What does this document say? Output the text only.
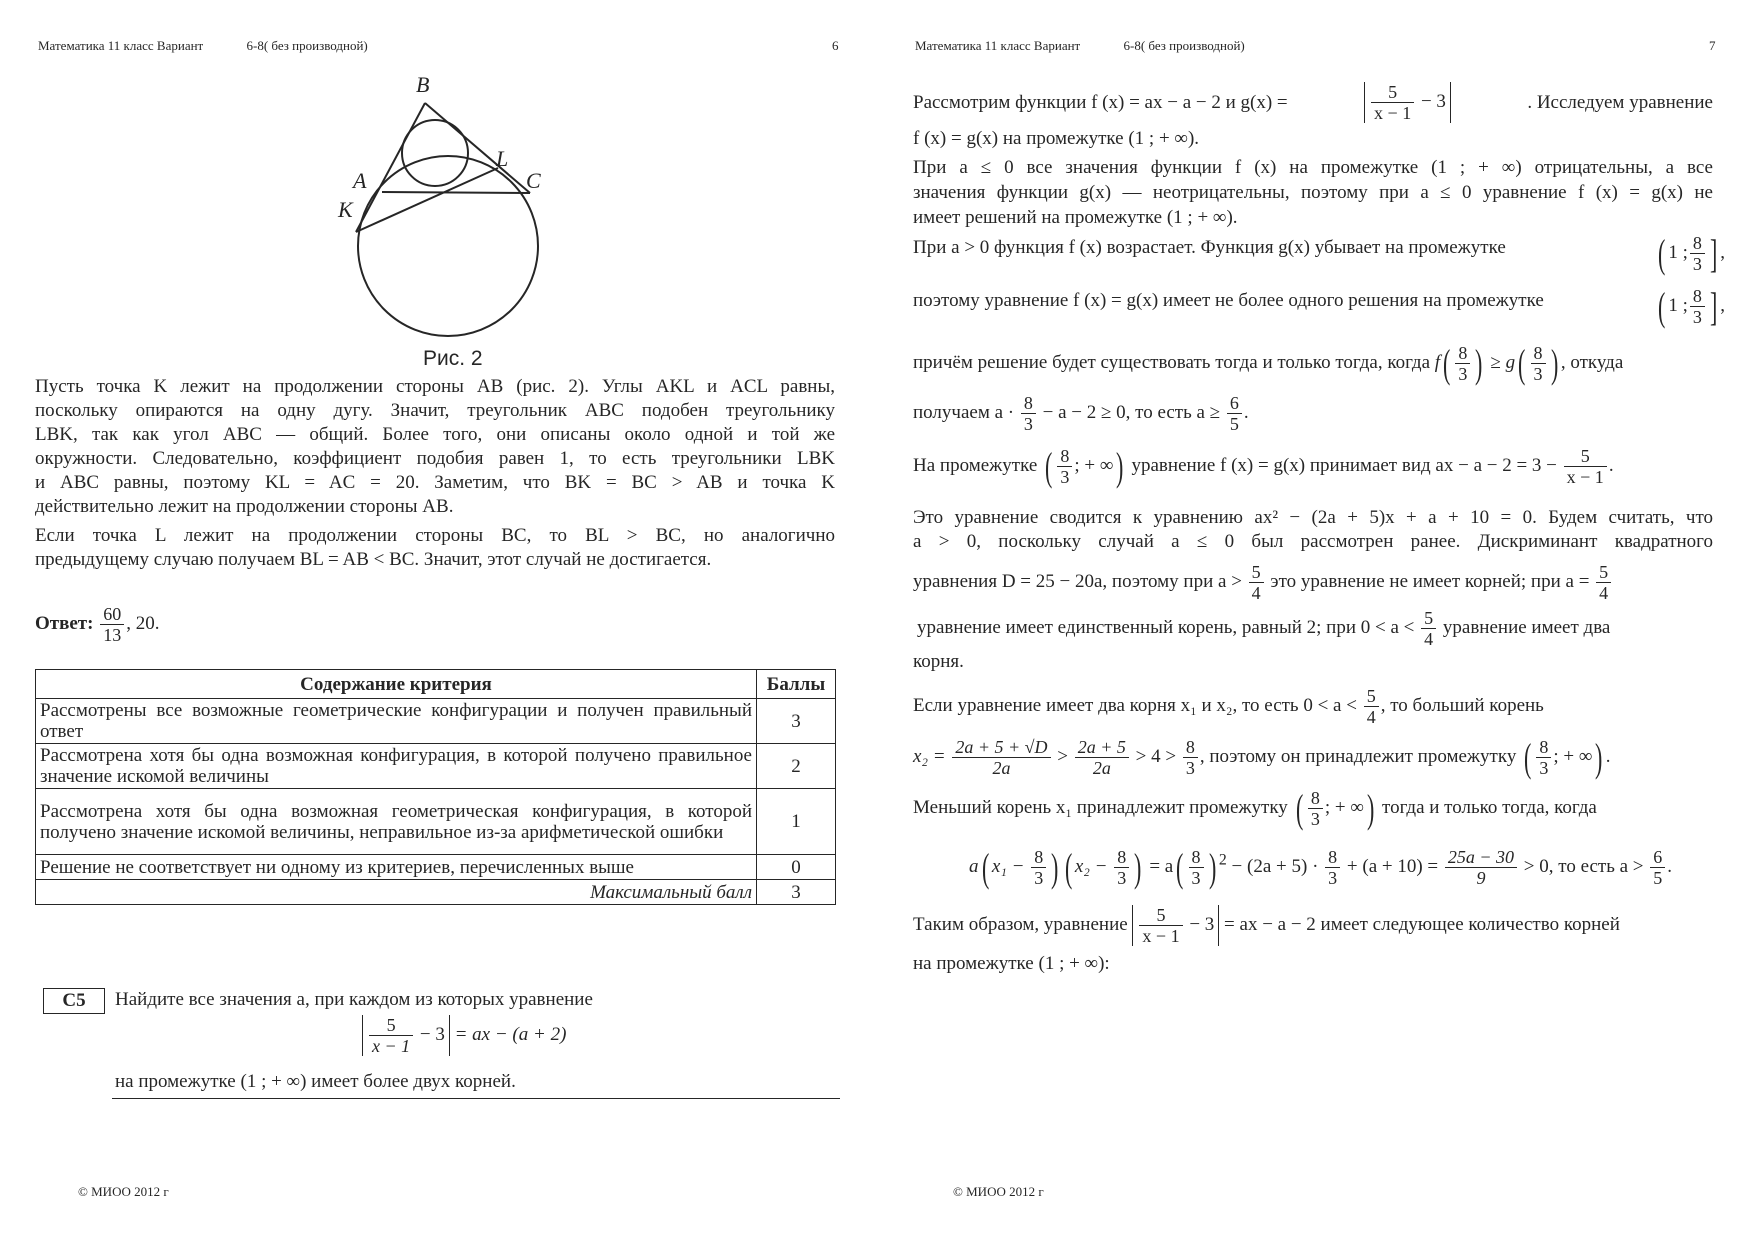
Математика 11 класс Вариант	6-8( без производной)	6
B
A
L
C
K
Рис. 2
Пусть точка K лежит на продолжении стороны AB (рис. 2). Углы AKL и ACL равны,
поскольку опираются на одну дугу. Значит, треугольник ABC подобен треугольнику
LBK, так как угол ABC — общий. Более того, они описаны около одной и той же
окружности. Следовательно, коэффициент подобия равен 1, то есть треугольники LBK
и ABC равны, поэтому KL = AC = 20. Заметим, что BK = BC > AB и точка K
действительно лежит на продолжении стороны AB.
Если точка L лежит на продолжении стороны BC, то BL > BC, но аналогично
предыдущему случаю получаем BL = AB < BC. Значит, этот случай не достигается.
Ответ: $\frac{60}{13}$ , 20.
Содержание критерия	Баллы
Рассмотрены все возможные геометрические конфигурации и получен правильный ответ	3
Рассмотрена хотя бы одна возможная конфигурация, в которой получено правильное значение искомой величины	2
Рассмотрена хотя бы одна возможная геометрическая конфигурация, в которой получено значение искомой величины, неправильное из-за арифметической ошибки	1
Решение не соответствует ни одному из критериев, перечисленных выше	0
Максимальный балл	3
C5	Найдите все значения a, при каждом из которых уравнение
$\frac{5}{x - 1} - 3$ = ax − (a + 2)
на промежутке (1 ; + ∞) имеет более двух корней.
© МИОО 2012 г
Математика 11 класс Вариант	6-8( без производной)	7
Рассмотрим функции f (x) = ax − a − 2 и g(x) =	$\frac{5}{x - 1} - 3$	. Исследуем уравнение
f (x) = g(x) на промежутке (1 ; + ∞).
При a ≤ 0 все значения функции f (x) на промежутке (1 ; + ∞) отрицательны, а все
значения функции g(x) — неотрицательны, поэтому при a ≤ 0 уравнение f (x) = g(x) не
имеет решений на промежутке (1 ; + ∞).
При a > 0 функция f (x) возрастает. Функция g(x) убывает на промежутке	( 1 ; $\frac{8}{3}$ ] ,
поэтому уравнение f (x) = g(x) имеет не более одного решения на промежутке	( 1 ; $\frac{8}{3}$ ] ,
причём решение будет существовать тогда и только тогда, когда $f( \frac{8}{3}$ ) ≥ $g( \frac{8}{3}$ ) , откуда
получаем $a \cdot \frac{8}{3} - a - 2 \ge 0$, то есть $a \ge \frac{6}{5}$ .
На промежутке ( $\frac{8}{3}$ ; + ∞) уравнение f (x) = g(x) принимает вид ax − $a - 2 = 3 - \frac{5}{x - 1}$ .
Это уравнение сводится к уравнению ax² − (2a + 5)x + a + 10 = 0. Будем считать, что
a > 0, поскольку случай a ≤ 0 был рассмотрен ранее. Дискриминант квадратного
уравнения D = 25 − 20a, поэтому при $a > \frac{5}{4}$ это уравнение не имеет корней; при $a = \frac{5}{4}$
уравнение имеет единственный корень, равный 2; при $0 < a < \frac{5}{4}$ уравнение имеет два
корня.
Если уравнение имеет два корня x₁ и x₂, то есть $0 < a < \frac{5}{4}$ , то больший корень
$x_2 = \frac{2a + 5 + √D}{2a} > \frac{2a + 5}{2a} > 4 > \frac{8}{3}$ , поэтому он принадлежит промежутку ( $\frac{8}{3}$ ; + ∞) .
Меньший корень x₁ принадлежит промежутку ( $\frac{8}{3}$ ; + ∞) тогда и только тогда, когда
a( $x_1 - \frac{8}{3}$ ) ( $x_2 - \frac{8}{3}$ ) = $a( \frac{8}{3}$ ) $^2 - (2a + 5) \cdot \frac{8}{3} + (a + 10) = \frac{25a - 30}{9} > 0$, то есть $a > \frac{6}{5}$ .
Таким образом, уравнение $\frac{5}{x - 1} - 3$ = ax − a − 2 имеет следующее количество корней
на промежутке (1 ; + ∞):
© МИОО 2012 г
